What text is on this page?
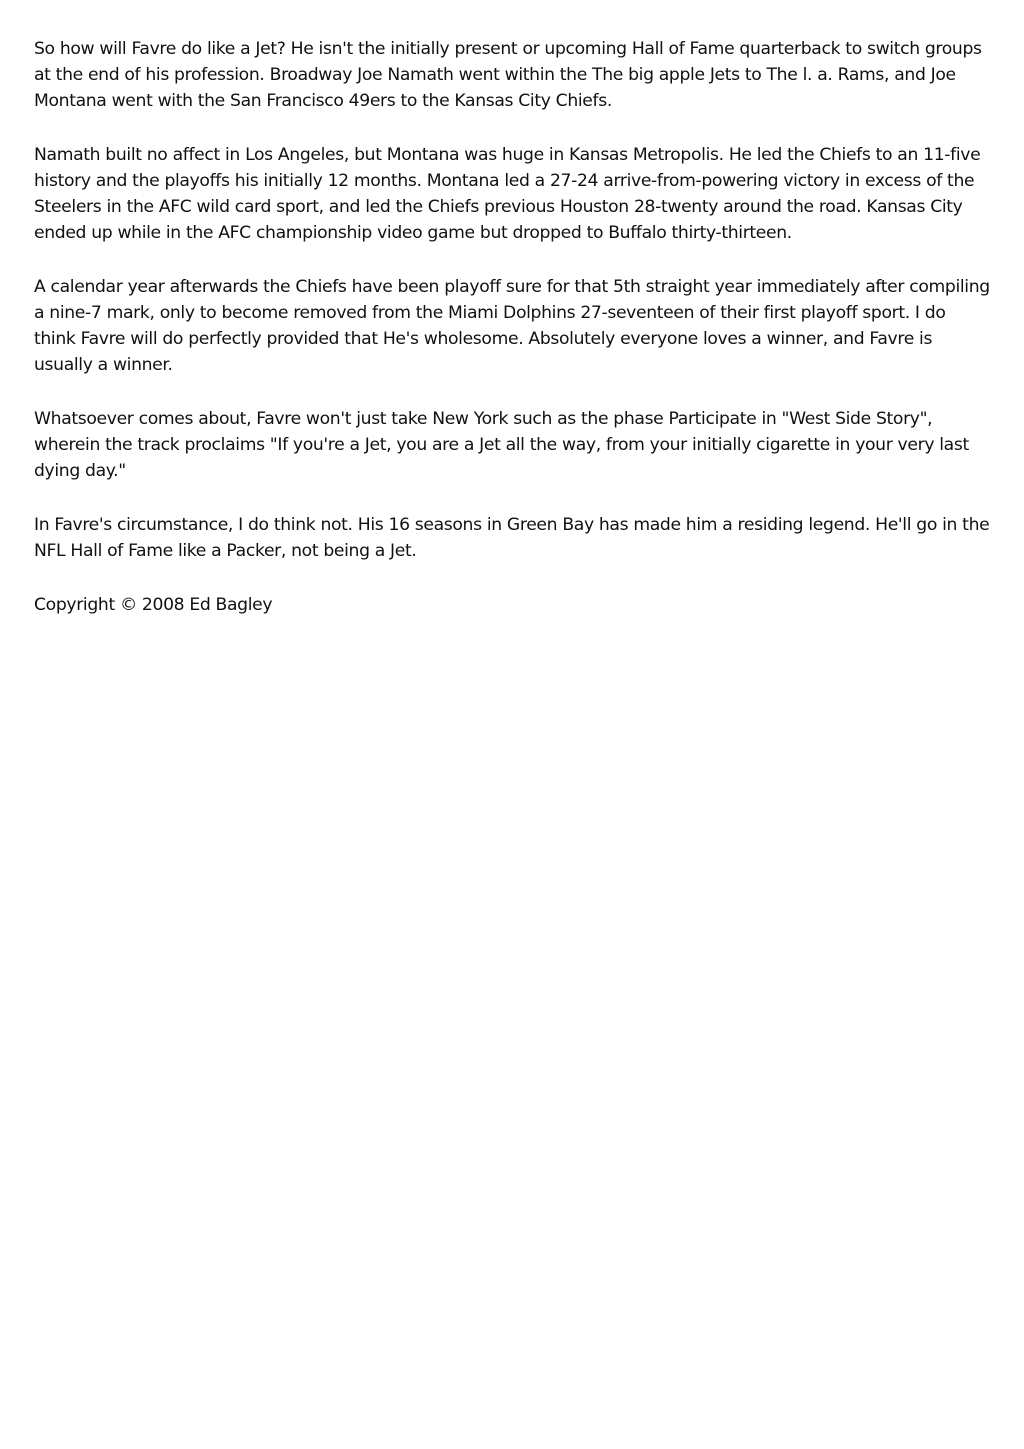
So how will Favre do like a Jet? He isn't the initially present or upcoming Hall of Fame quarterback to switch groups at the end of his profession. Broadway Joe Namath went within the The big apple Jets to The l. a. Rams, and Joe Montana went with the San Francisco 49ers to the Kansas City Chiefs.

Namath built no affect in Los Angeles, but Montana was huge in Kansas Metropolis. He led the Chiefs to an 11-five history and the playoffs his initially 12 months. Montana led a 27-24 arrive-from-powering victory in excess of the Steelers in the AFC wild card sport, and led the Chiefs previous Houston 28-twenty around the road. Kansas City ended up while in the AFC championship video game but dropped to Buffalo thirty-thirteen.

A calendar year afterwards the Chiefs have been playoff sure for that 5th straight year immediately after compiling a nine-7 mark, only to become removed from the Miami Dolphins 27-seventeen of their first playoff sport. I do think Favre will do perfectly provided that He's wholesome. Absolutely everyone loves a winner, and Favre is usually a winner.

Whatsoever comes about, Favre won't just take New York such as the phase Participate in "West Side Story", wherein the track proclaims "If you're a Jet, you are a Jet all the way, from your initially cigarette in your very last dying day."

In Favre's circumstance, I do think not. His 16 seasons in Green Bay has made him a residing legend. He'll go in the NFL Hall of Fame like a Packer, not being a Jet.

Copyright © 2008 Ed Bagley
